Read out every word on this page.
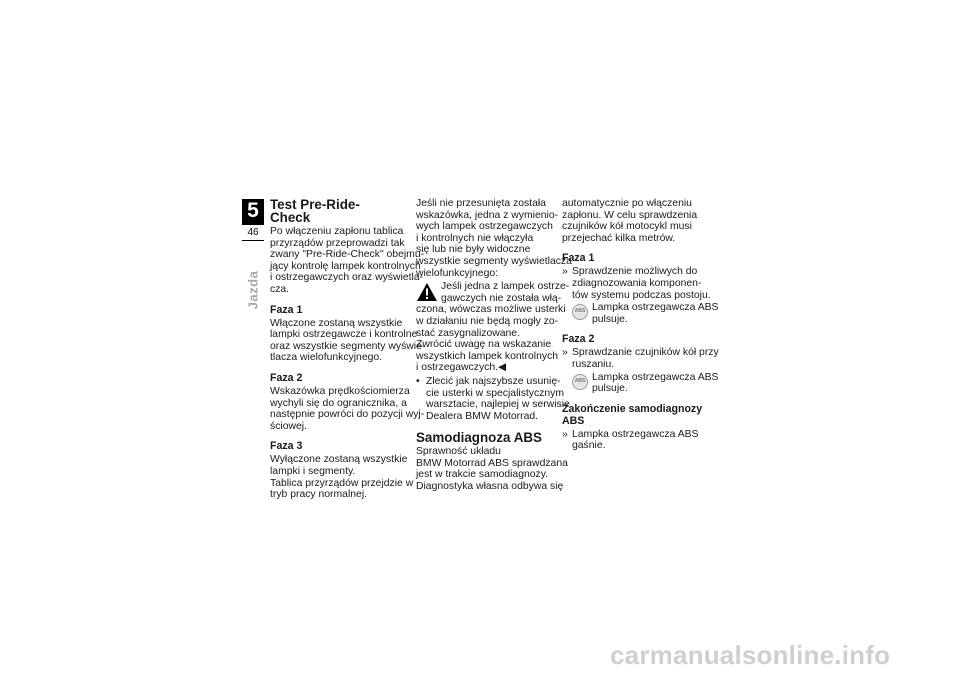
5
46
Jazda
Test Pre-Ride-
Check
Po włączeniu zapłonu tablica
przyrządów przeprowadzi tak
zwany "Pre-Ride-Check" obejmu-
jący kontrolę lampek kontrolnych
i ostrzegawczych oraz wyświetla-
cza.
Faza 1
Włączone zostaną wszystkie
lampki ostrzegawcze i kontrolne
oraz wszystkie segmenty wyświe-
tlacza wielofunkcyjnego.
Faza 2
Wskazówka prędkościomierza
wychyli się do ogranicznika, a
następnie powróci do pozycji wyj-
ściowej.
Faza 3
Wyłączone zostaną wszystkie
lampki i segmenty.
Tablica przyrządów przejdzie w
tryb pracy normalnej.
Jeśli nie przesunięta została
wskazówka, jedna z wymienio-
wych lampek ostrzegawczych
i kontrolnych nie włączyła
się lub nie były widoczne
wszystkie segmenty wyświetlacza
wielofunkcyjnego:
Jeśli jedna z lampek ostrze-
gawczych nie została włą-
czona, wówczas możliwe usterki
w działaniu nie będą mogły zo-
stać zasygnalizowane.
Zwrócić uwagę na wskazanie
wszystkich lampek kontrolnych
i ostrzegawczych.◀
• Zlecić jak najszybsze usunię-
cie usterki w specjalistycznym
warsztacie, najlepiej w serwisie
Dealera BMW Motorrad.
Samodiagnoza ABS
Sprawność układu
BMW Motorrad ABS sprawdzana
jest w trakcie samodiagnozy.
Diagnostyka własna odbywa się
automatycznie po włączeniu
zapłonu. W celu sprawdzenia
czujników kół motocykl musi
przejechać kilka metrów.
Faza 1
» Sprawdzenie możliwych do
zdiagnozowania komponen-
tów systemu podczas postoju.
ABS Lampka ostrzegawcza ABS
pulsuje.
Faza 2
» Sprawdzanie czujników kół przy
ruszaniu.
ABS Lampka ostrzegawcza ABS
pulsuje.
Zakończenie samodiagnozy
ABS
» Lampka ostrzegawcza ABS
gaśnie.
carmanualsonline.info
